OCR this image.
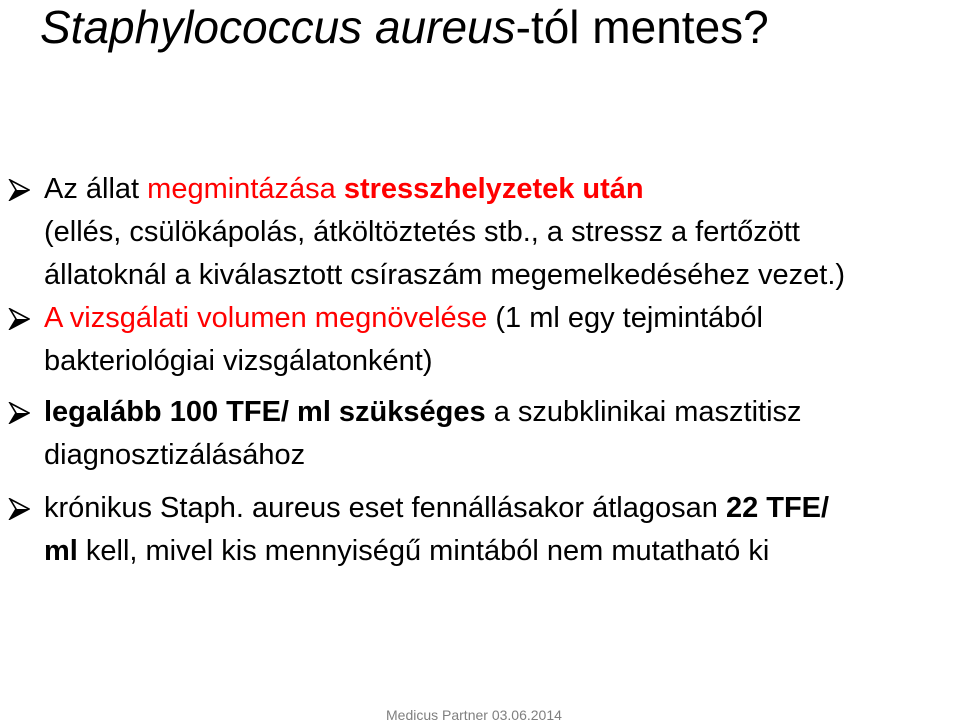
Staphylococcus aureus-tól mentes?
Az állat megmintázása stresszhelyzetek után
(ellés, csülökápolás, átköltöztetés stb., a stressz a fertőzött
állatoknál a kiválasztott csíraszám megemelkedéséhez vezet.)
A vizsgálati volumen megnövelése (1 ml egy tejmintából
bakteriológiai vizsgálatonként)
legalább 100 TFE/ ml szükséges a szubklinikai masztitisz
diagnosztizálásához
krónikus Staph. aureus eset fennállásakor átlagosan 22 TFE/
ml kell, mivel kis mennyiségű mintából nem mutatható ki
Medicus Partner 03.06.2014
